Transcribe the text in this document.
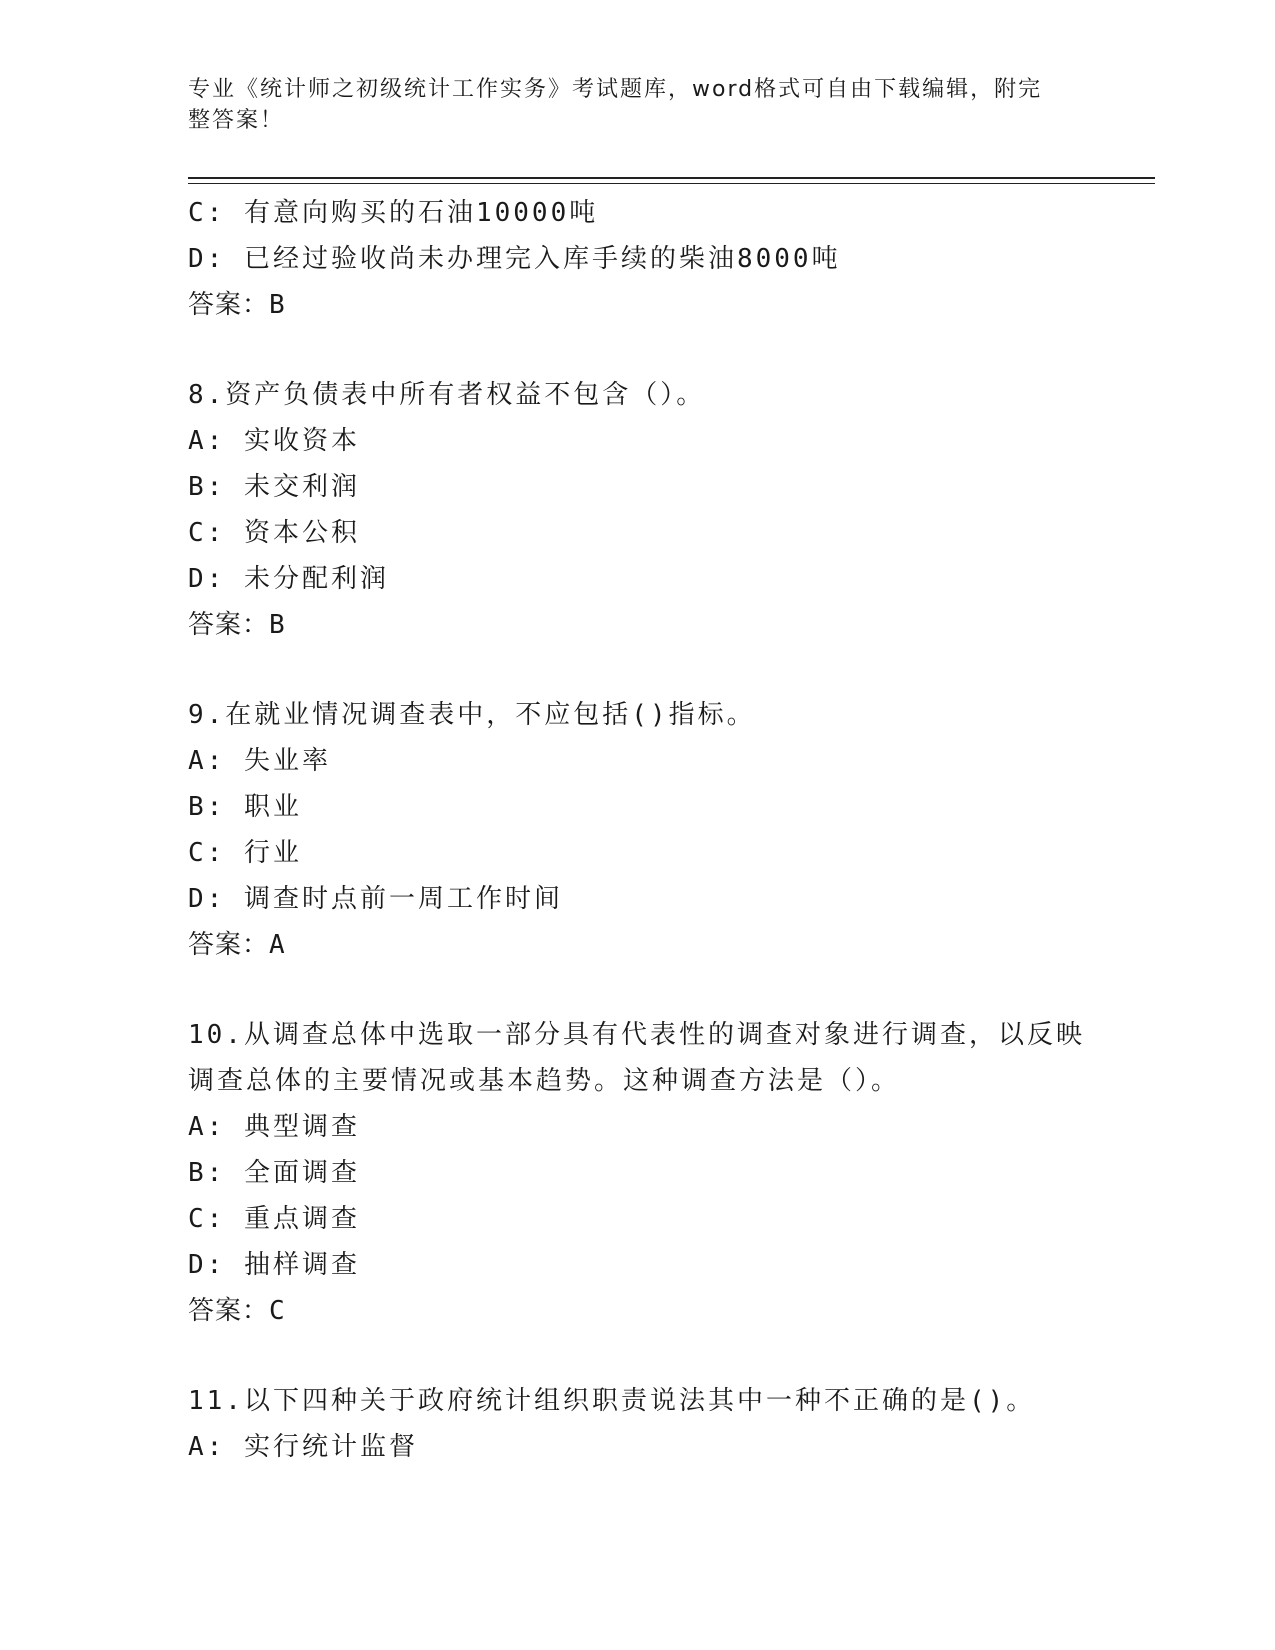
专业《统计师之初级统计工作实务》考试题库，word格式可自由下载编辑，附完
整答案！
C: 有意向购买的石油10000吨
D: 已经过验收尚未办理完入库手续的柴油8000吨
答案：B
8.资产负债表中所有者权益不包含（）。
A: 实收资本
B: 未交利润
C: 资本公积
D: 未分配利润
答案：B
9.在就业情况调查表中，不应包括()指标。
A: 失业率
B: 职业
C: 行业
D: 调查时点前一周工作时间
答案：A
10.从调查总体中选取一部分具有代表性的调查对象进行调查，以反映
调查总体的主要情况或基本趋势。这种调查方法是（）。
A: 典型调查
B: 全面调查
C: 重点调查
D: 抽样调查
答案：C
11.以下四种关于政府统计组织职责说法其中一种不正确的是()。
A: 实行统计监督
